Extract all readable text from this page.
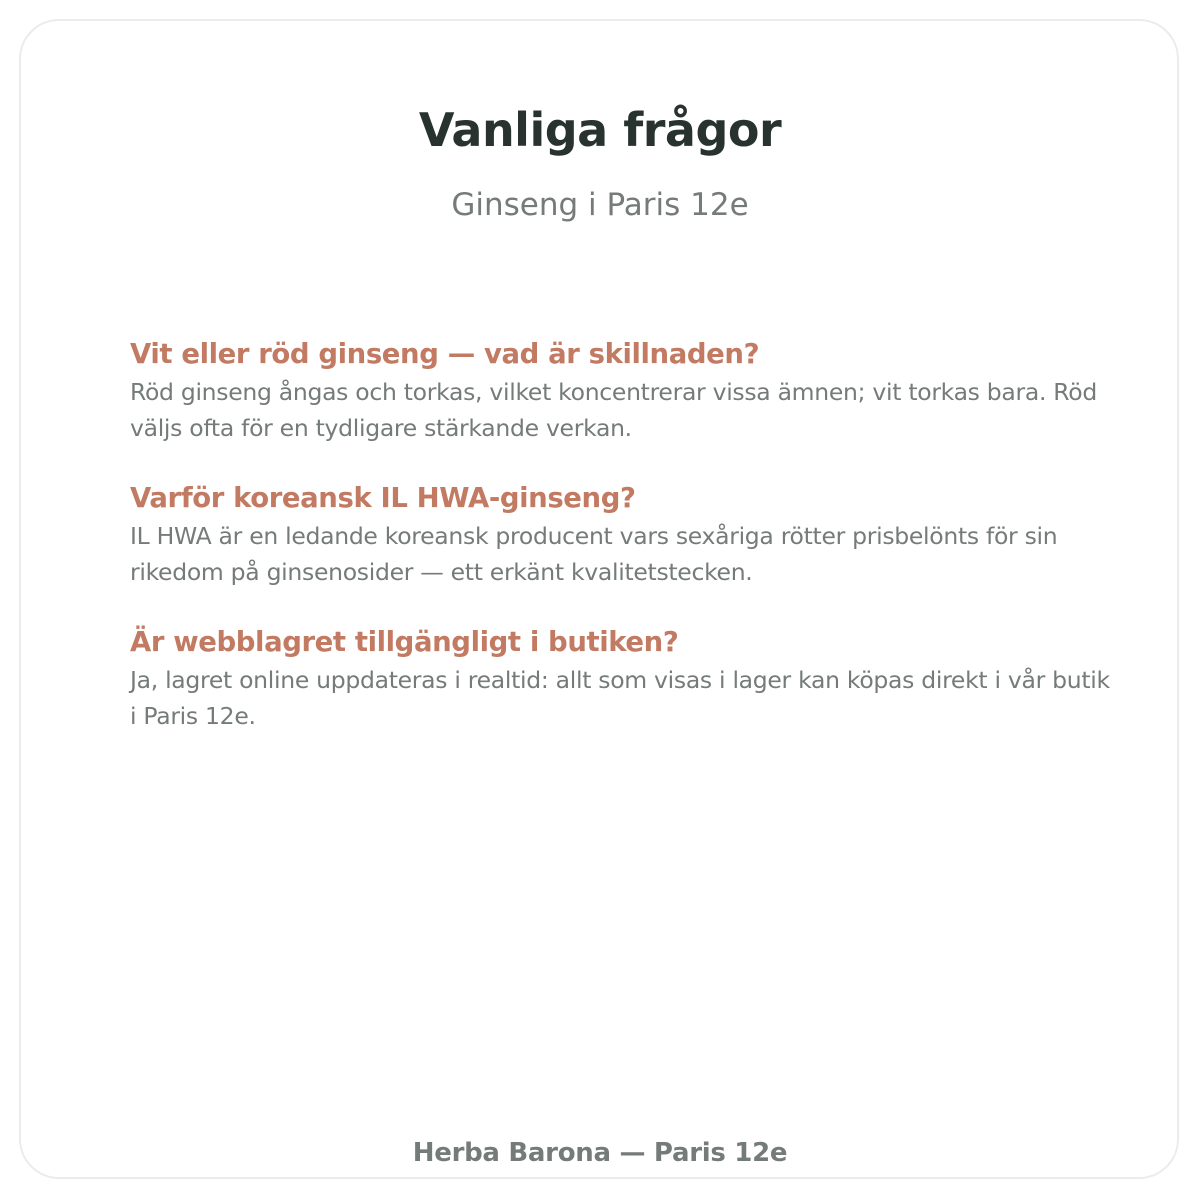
Vanliga frågor
Ginseng i Paris 12e
Vit eller röd ginseng — vad är skillnaden?

Röd ginseng ångas och torkas, vilket koncentrerar vissa ämnen; vit torkas bara. Röd väljs ofta för en tydligare stärkande verkan.

Varför koreansk IL HWA-ginseng?

IL HWA är en ledande koreansk producent vars sexåriga rötter prisbelönts för sin rikedom på ginsenosider — ett erkänt kvalitetstecken.

Är webblagret tillgängligt i butiken?

Ja, lagret online uppdateras i realtid: allt som visas i lager kan köpas direkt i vår butik i Paris 12e.

Herba Barona — Paris 12e
